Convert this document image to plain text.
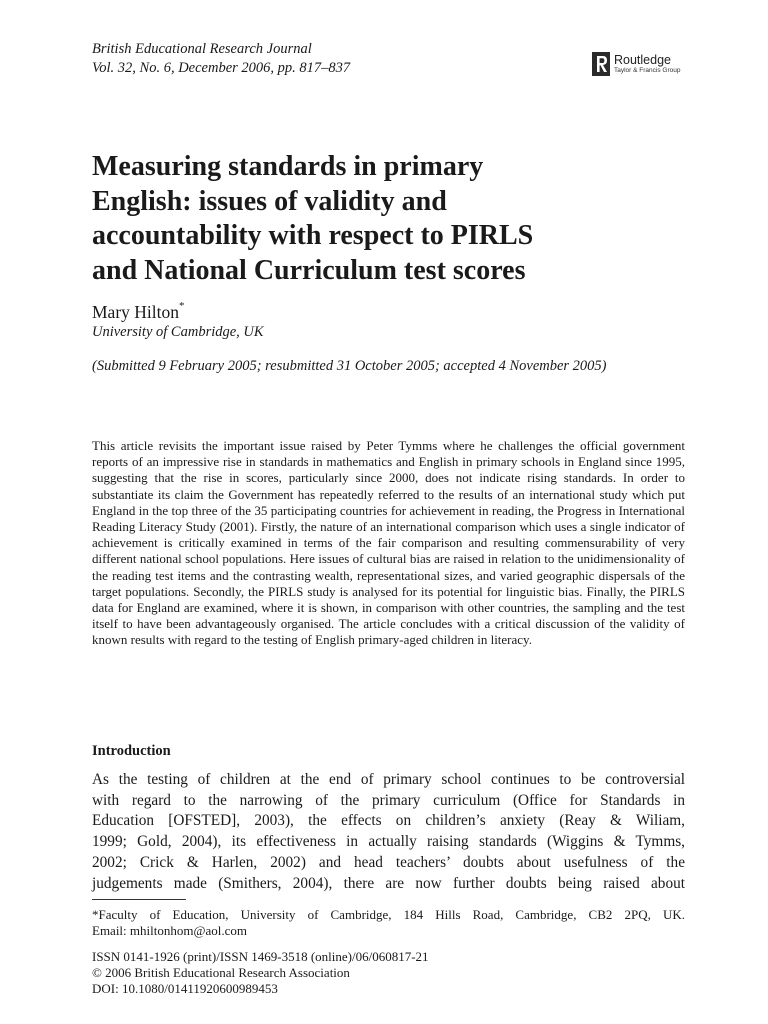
British Educational Research Journal
Vol. 32, No. 6, December 2006, pp. 817–837	Routledge
Taylor & Francis Group
Measuring standards in primary
English: issues of validity and
accountability with respect to PIRLS
and National Curriculum test scores
Mary Hilton*
University of Cambridge, UK
(Submitted 9 February 2005; resubmitted 31 October 2005; accepted 4 November 2005)

This article revisits the important issue raised by Peter Tymms where he challenges the official government reports of an impressive rise in standards in mathematics and English in primary schools in England since 1995, suggesting that the rise in scores, particularly since 2000, does not indicate rising standards. In order to substantiate its claim the Government has repeatedly referred to the results of an international study which put England in the top three of the 35 participating countries for achievement in reading, the Progress in International Reading Literacy Study (2001). Firstly, the nature of an international comparison which uses a single indicator of achievement is critically examined in terms of the fair comparison and resulting commensurability of very different national school populations. Here issues of cultural bias are raised in relation to the unidimensionality of the reading test items and the contrasting wealth, representational sizes, and varied geographic dispersals of the target populations. Secondly, the PIRLS study is analysed for its potential for linguistic bias. Finally, the PIRLS data for England are examined, where it is shown, in comparison with other countries, the sampling and the test itself to have been advantageously organised. The article concludes with a critical discussion of the validity of known results with regard to the testing of English primary-aged children in literacy.

Introduction
As the testing of children at the end of primary school continues to be controversial
with regard to the narrowing of the primary curriculum (Office for Standards in
Education [OFSTED], 2003), the effects on children’s anxiety (Reay & Wiliam,
1999; Gold, 2004), its effectiveness in actually raising standards (Wiggins & Tymms,
2002; Crick & Harlen, 2002) and head teachers’ doubts about usefulness of the
judgements made (Smithers, 2004), there are now further doubts being raised about
*Faculty of Education, University of Cambridge, 184 Hills Road, Cambridge, CB2 2PQ, UK.
Email: mhiltonhom@aol.com
ISSN 0141-1926 (print)/ISSN 1469-3518 (online)/06/060817-21
© 2006 British Educational Research Association
DOI: 10.1080/01411920600989453
